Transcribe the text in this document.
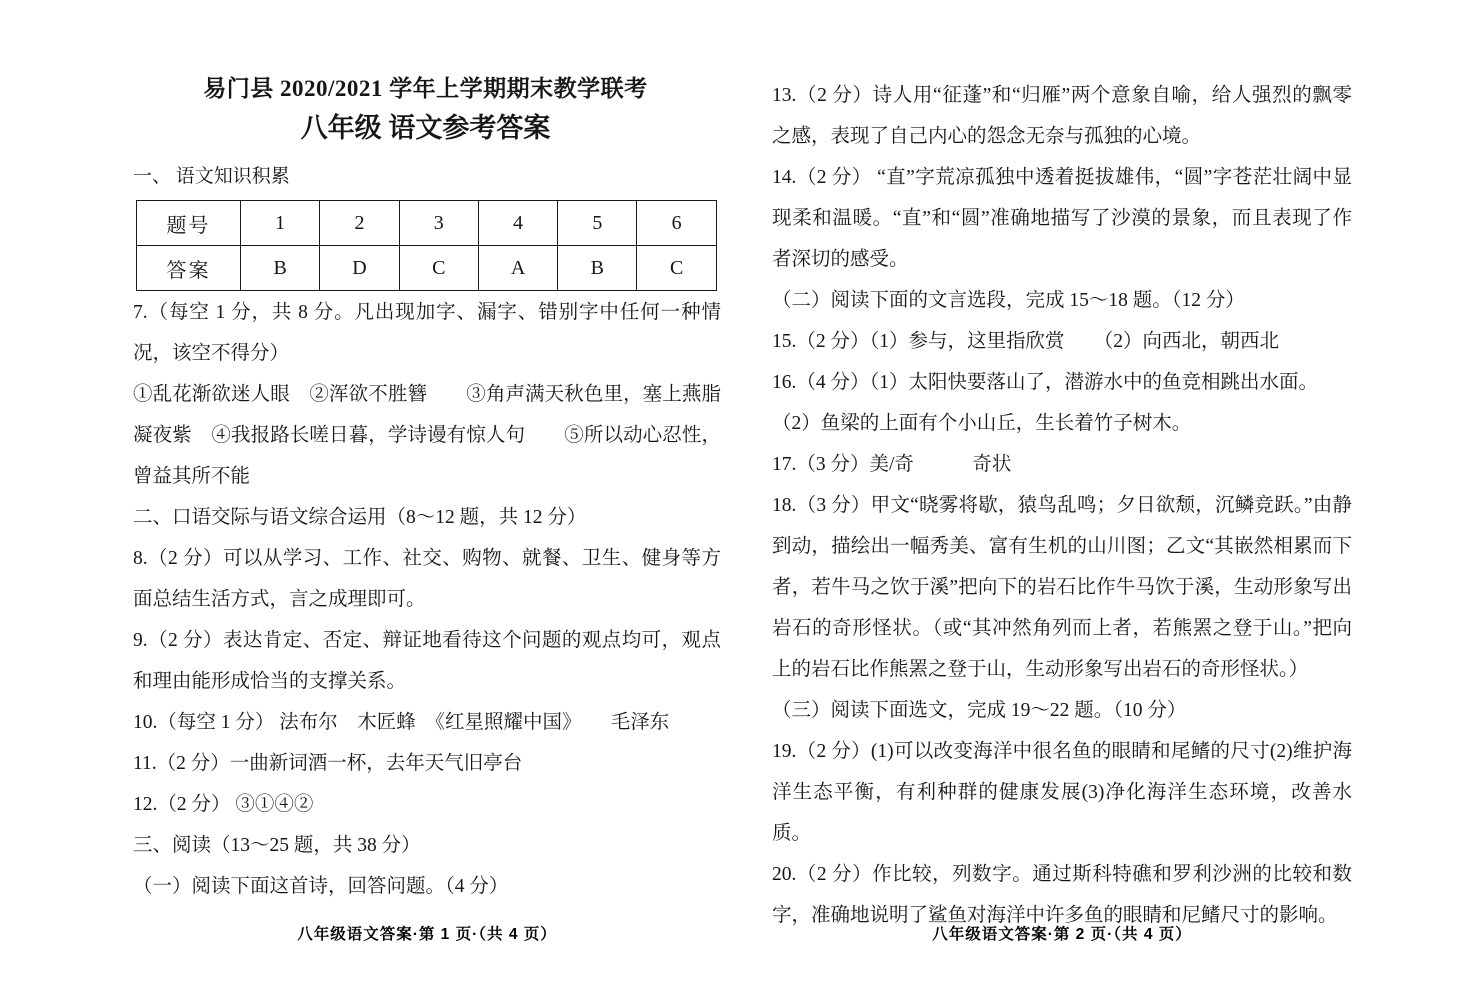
易门县 2020/2021 学年上学期期末教学联考
八年级 语文参考答案
一、 语文知识积累

7.（每空 1 分，共 8 分。凡出现加字、漏字、错别字中任何一种情况，该空不得分）

①乱花渐欲迷人眼　②浑欲不胜簪　　③角声满天秋色里，塞上燕脂凝夜紫　④我报路长嗟日暮，学诗谩有惊人句　　⑤所以动心忍性，曾益其所不能

二、口语交际与语文综合运用（8～12 题，共 12 分）

8.（2 分）可以从学习、工作、社交、购物、就餐、卫生、健身等方面总结生活方式，言之成理即可。

9.（2 分）表达肯定、否定、辩证地看待这个问题的观点均可，观点和理由能形成恰当的支撑关系。

10.（每空 1 分） 法布尔　木匠蜂　《红星照耀中国》　　毛泽东

11.（2 分）一曲新词酒一杯，去年天气旧亭台

12.（2 分） ③①④②

三、阅读（13～25 题，共 38 分）

（一）阅读下面这首诗，回答问题。（4 分）

题号	1	2	3	4	5	6
答案	B	D	C	A	B	C

13.（2 分）诗人用“征蓬”和“归雁”两个意象自喻，给人强烈的飘零之感，表现了自己内心的怨念无奈与孤独的心境。

14.（2 分） “直”字荒凉孤独中透着挺拔雄伟，“圆”字苍茫壮阔中显现柔和温暖。“直”和“圆”准确地描写了沙漠的景象，而且表现了作者深切的感受。

（二）阅读下面的文言选段，完成 15～18 题。（12 分）

15.（2 分）（1）参与，这里指欣赏　　（2）向西北，朝西北

16.（4 分）（1）太阳快要落山了，潜游水中的鱼竞相跳出水面。

（2）鱼梁的上面有个小山丘，生长着竹子树木。

17.（3 分）美/奇　　　奇状

18.（3 分）甲文“晓雾将歇，猿鸟乱鸣；夕日欲颓，沉鳞竞跃。”由静到动，描绘出一幅秀美、富有生机的山川图；乙文“其嵌然相累而下者，若牛马之饮于溪”把向下的岩石比作牛马饮于溪，生动形象写出岩石的奇形怪状。（或“其冲然角列而上者，若熊罴之登于山。”把向上的岩石比作熊罴之登于山，生动形象写出岩石的奇形怪状。）

（三）阅读下面选文，完成 19～22 题。（10 分）

19.（2 分）(1)可以改变海洋中很名鱼的眼睛和尾鳍的尺寸(2)维护海洋生态平衡，有利种群的健康发展(3)净化海洋生态环境，改善水质。

20.（2 分）作比较，列数字。通过斯科特礁和罗利沙洲的比较和数字，准确地说明了鲨鱼对海洋中许多鱼的眼睛和尼鳍尺寸的影响。

八年级语文答案·第 1 页·（共 4 页）	八年级语文答案·第 2 页·（共 4 页）
